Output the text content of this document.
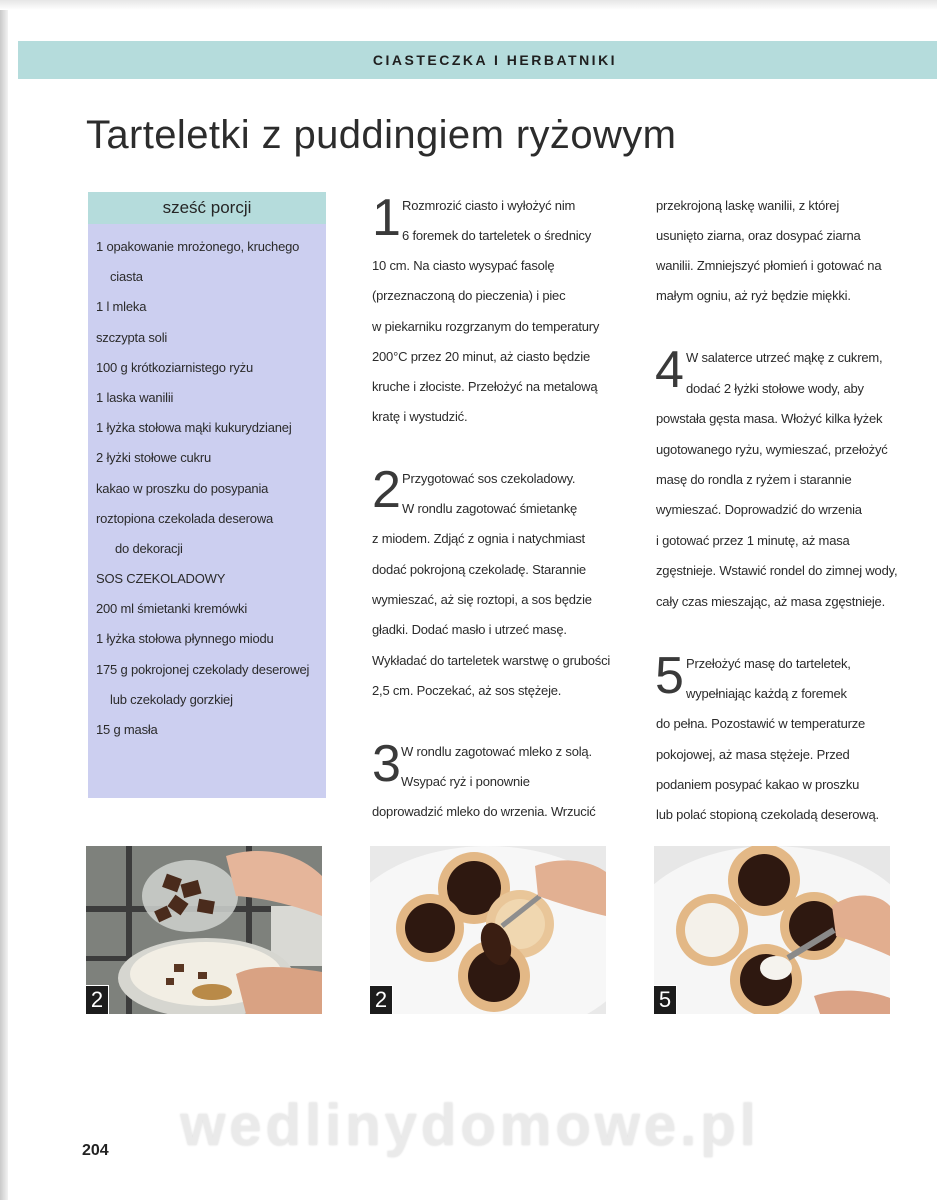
CIASTECZKA I HERBATNIKI
Tarteletki z puddingiem ryżowym
sześć porcji
1 opakowanie mrożonego, kruchego
ciasta
1 l mleka
szczypta soli
100 g krótkoziarnistego ryżu
1 laska wanilii
1 łyżka stołowa mąki kukurydzianej
2 łyżki stołowe cukru
kakao w proszku do posypania
roztopiona czekolada deserowa
do dekoracji
SOS CZEKOLADOWY
200 ml śmietanki kremówki
1 łyżka stołowa płynnego miodu
175 g pokrojonej czekolady deserowej
lub czekolady gorzkiej
15 g masła
1 Rozmrozić ciasto i wyłożyć nim
6 foremek do tarteletek o średnicy
10 cm. Na ciasto wysypać fasolę
(przeznaczoną do pieczenia) i piec
w piekarniku rozgrzanym do temperatury
200°C przez 20 minut, aż ciasto będzie
kruche i złociste. Przełożyć na metalową
kratę i wystudzić.
2 Przygotować sos czekoladowy.
W rondlu zagotować śmietankę
z miodem. Zdjąć z ognia i natychmiast
dodać pokrojoną czekoladę. Starannie
wymieszać, aż się roztopi, a sos będzie
gładki. Dodać masło i utrzeć masę.
Wykładać do tarteletek warstwę o grubości
2,5 cm. Poczekać, aż sos stężeje.
3 W rondlu zagotować mleko z solą.
Wsypać ryż i ponownie
doprowadzić mleko do wrzenia. Wrzucić
przekrojoną laskę wanilii, z której
usunięto ziarna, oraz dosypać ziarna
wanilii. Zmniejszyć płomień i gotować na
małym ogniu, aż ryż będzie miękki.
4 W salaterce utrzeć mąkę z cukrem,
dodać 2 łyżki stołowe wody, aby
powstała gęsta masa. Włożyć kilka łyżek
ugotowanego ryżu, wymieszać, przełożyć
masę do rondla z ryżem i starannie
wymieszać. Doprowadzić do wrzenia
i gotować przez 1 minutę, aż masa
zgęstnieje. Wstawić rondel do zimnej wody,
cały czas mieszając, aż masa zgęstnieje.
5 Przełożyć masę do tarteletek,
wypełniając każdą z foremek
do pełna. Pozostawić w temperaturze
pokojowej, aż masa stężeje. Przed
podaniem posypać kakao w proszku
lub polać stopioną czekoladą deserową.
2	2	5
wedlinydomowe.pl
204
